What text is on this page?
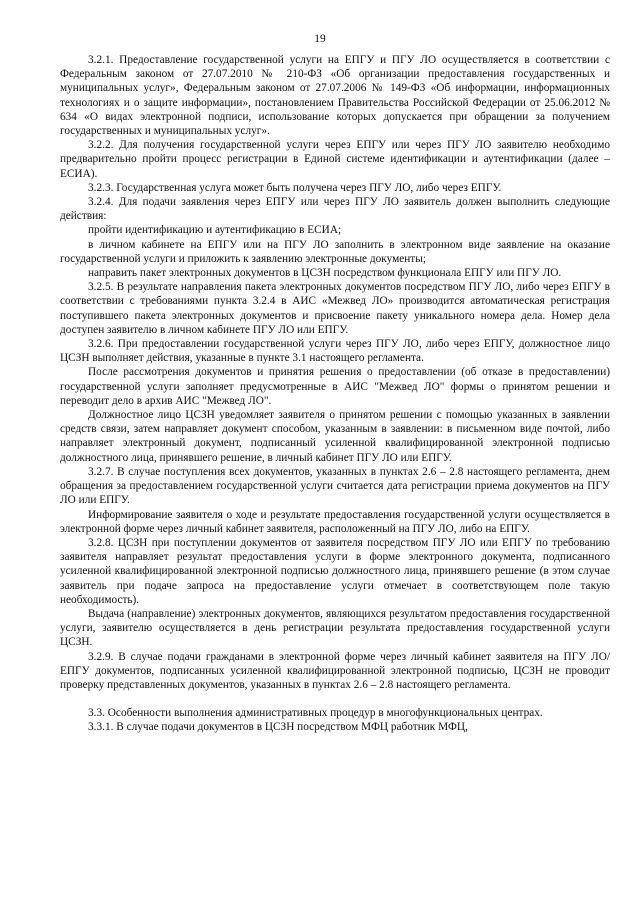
19

3.2.1. Предоставление государственной услуги на ЕПГУ и ПГУ ЛО осуществляется в соответствии с Федеральным законом от 27.07.2010 № 210-ФЗ «Об организации предоставления государственных и муниципальных услуг», Федеральным законом от 27.07.2006 № 149-ФЗ «Об информации, информационных технологиях и о защите информации», постановлением Правительства Российской Федерации от 25.06.2012 № 634 «О видах электронной подписи, использование которых допускается при обращении за получением государственных и муниципальных услуг».

3.2.2. Для получения государственной услуги через ЕПГУ или через ПГУ ЛО заявителю необходимо предварительно пройти процесс регистрации в Единой системе идентификации и аутентификации (далее – ЕСИА).

3.2.3. Государственная услуга может быть получена через ПГУ ЛО, либо через ЕПГУ.

3.2.4. Для подачи заявления через ЕПГУ или через ПГУ ЛО заявитель должен выполнить следующие действия:

пройти идентификацию и аутентификацию в ЕСИА;

в личном кабинете на ЕПГУ или на ПГУ ЛО заполнить в электронном виде заявление на оказание государственной услуги и приложить к заявлению электронные документы;

направить пакет электронных документов в ЦСЗН посредством функционала ЕПГУ или ПГУ ЛО.

3.2.5. В результате направления пакета электронных документов посредством ПГУ ЛО, либо через ЕПГУ в соответствии с требованиями пункта 3.2.4 в АИС «Межвед ЛО» производится автоматическая регистрация поступившего пакета электронных документов и присвоение пакету уникального номера дела. Номер дела доступен заявителю в личном кабинете ПГУ ЛО или ЕПГУ.

3.2.6. При предоставлении государственной услуги через ПГУ ЛО, либо через ЕПГУ, должностное лицо ЦСЗН выполняет действия, указанные в пункте 3.1 настоящего регламента.

После рассмотрения документов и принятия решения о предоставлении (об отказе в предоставлении) государственной услуги заполняет предусмотренные в АИС "Межвед ЛО" формы о принятом решении и переводит дело в архив АИС "Межвед ЛО".

Должностное лицо ЦСЗН уведомляет заявителя о принятом решении с помощью указанных в заявлении средств связи, затем направляет документ способом, указанным в заявлении: в письменном виде почтой, либо направляет электронный документ, подписанный усиленной квалифицированной электронной подписью должностного лица, принявшего решение, в личный кабинет ПГУ ЛО или ЕПГУ.

3.2.7. В случае поступления всех документов, указанных в пунктах 2.6 – 2.8 настоящего регламента, днем обращения за предоставлением государственной услуги считается дата регистрации приема документов на ПГУ ЛО или ЕПГУ.

Информирование заявителя о ходе и результате предоставления государственной услуги осуществляется в электронной форме через личный кабинет заявителя, расположенный на ПГУ ЛО, либо на ЕПГУ.

3.2.8. ЦСЗН при поступлении документов от заявителя посредством ПГУ ЛО или ЕПГУ по требованию заявителя направляет результат предоставления услуги в форме электронного документа, подписанного усиленной квалифицированной электронной подписью должностного лица, принявшего решение (в этом случае заявитель при подаче запроса на предоставление услуги отмечает в соответствующем поле такую необходимость).

Выдача (направление) электронных документов, являющихся результатом предоставления государственной услуги, заявителю осуществляется в день регистрации результата предоставления государственной услуги ЦСЗН.

3.2.9. В случае подачи гражданами в электронной форме через личный кабинет заявителя на ПГУ ЛО/ ЕПГУ документов, подписанных усиленной квалифицированной электронной подписью, ЦСЗН не проводит проверку представленных документов, указанных в пунктах 2.6 – 2.8 настоящего регламента.

3.3. Особенности выполнения административных процедур в многофункциональных центрах.

3.3.1. В случае подачи документов в ЦСЗН посредством МФЦ работник МФЦ,
